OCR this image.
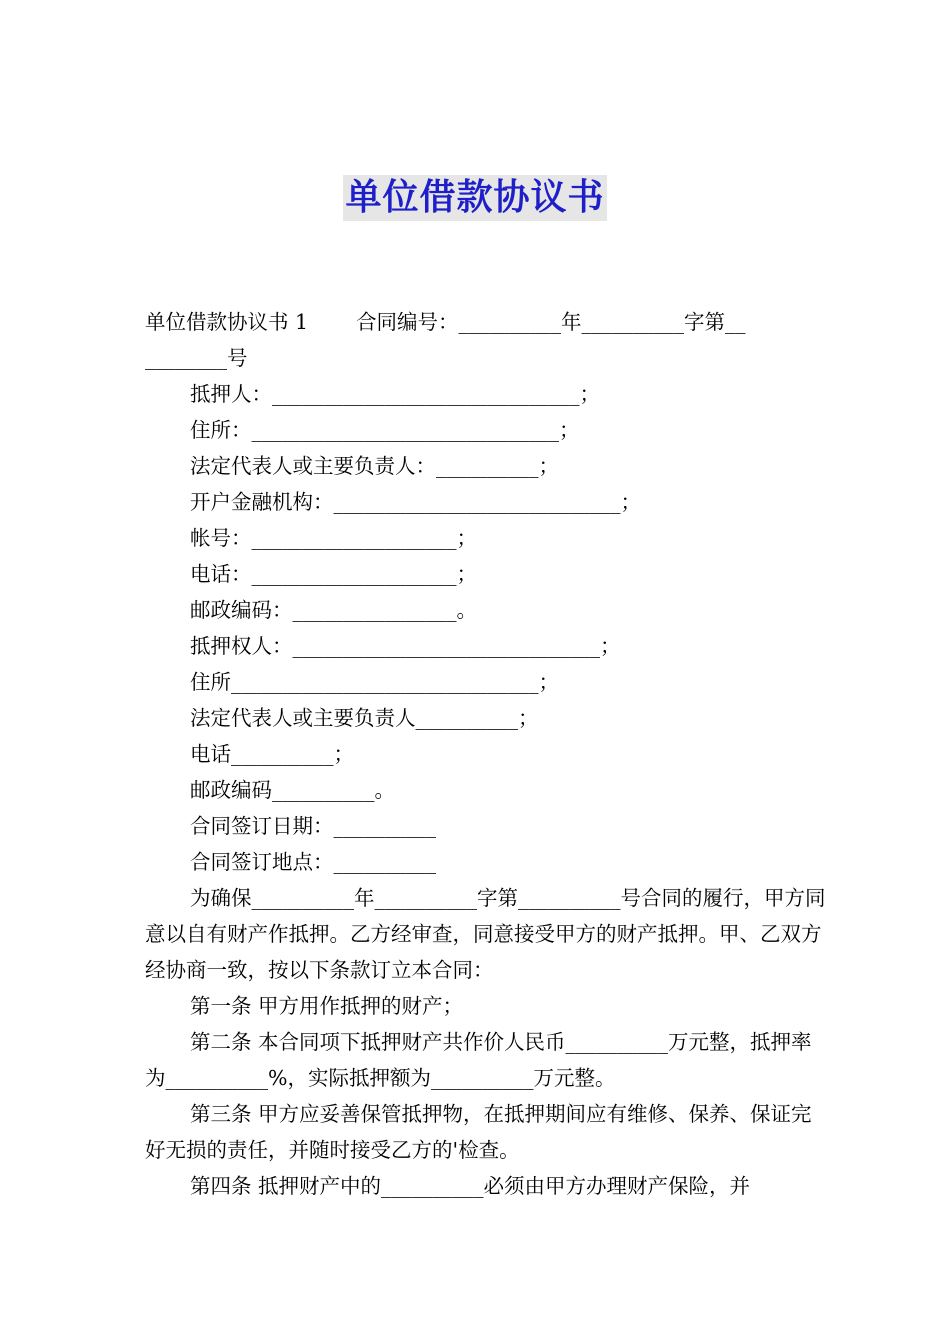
单位借款协议书
单位借款协议书 1 合同编号：__________年__________字第__
________号
抵押人：______________________________；
住所：______________________________；
法定代表人或主要负责人：__________；
开户金融机构：____________________________；
帐号：____________________；
电话：____________________；
邮政编码：________________。
抵押权人：______________________________；
住所______________________________；
法定代表人或主要负责人__________；
电话__________；
邮政编码__________。
合同签订日期：__________
合同签订地点：__________
为确保__________年__________字第__________号合同的履行，甲方同意以自有财产作抵押。乙方经审查，同意接受甲方的财产抵押。甲、乙双方经协商一致，按以下条款订立本合同：
第一条 甲方用作抵押的财产；
第二条 本合同项下抵押财产共作价人民币__________万元整，抵押率为__________%，实际抵押额为__________万元整。
第三条 甲方应妥善保管抵押物，在抵押期间应有维修、保养、保证完好无损的责任，并随时接受乙方的'检查。
第四条 抵押财产中的__________必须由甲方办理财产保险，并
